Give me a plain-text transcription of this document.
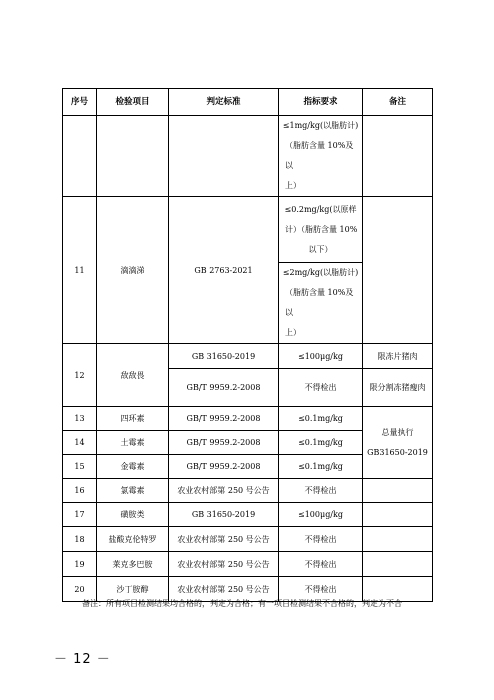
序号	检验项目	判定标准	指标要求	备注

			≤1mg/kg(以脂肪计)
（脂肪含量 10%及以
上）	

11	滴滴涕	GB 2763-2021	≤0.2mg/kg(以原样
计）（脂肪含量 10%
以下）	

			≤2mg/kg(以脂肪计)
（脂肪含量 10%及以
上）	

12	敌敌畏	GB 31650-2019	≤100μg/kg	限冻片猪肉
		GB/T 9959.2-2008	不得检出	限分割冻猪瘦肉
13	四环素	GB/T 9959.2-2008	≤0.1mg/kg	总量执行
GB31650-2019

14	土霉素	GB/T 9959.2-2008	≤0.1mg/kg	
15	金霉素	GB/T 9959.2-2008	≤0.1mg/kg	
16	氯霉素	农业农村部第 250 号公告	不得检出	
17	磺胺类	GB 31650-2019	≤100μg/kg	
18	盐酸克伦特罗	农业农村部第 250 号公告	不得检出	
19	莱克多巴胺	农业农村部第 250 号公告	不得检出	
20	沙丁胺醇	农业农村部第 250 号公告	不得检出	
备注：所有项目检测结果均合格的，判定为合格；有一项目检测结果不合格的，判定为不合
－ 12 －
